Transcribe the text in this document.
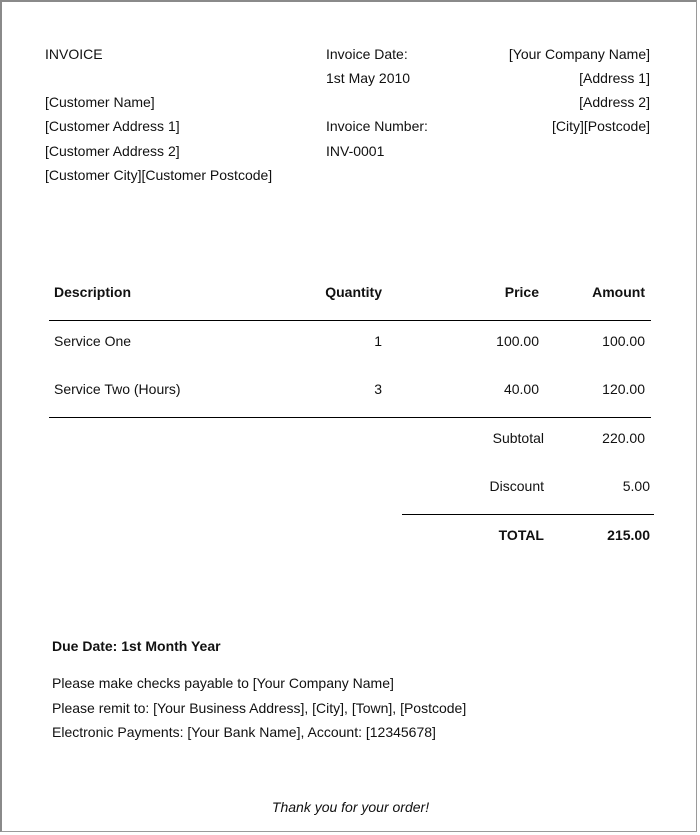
INVOICE
[Customer Name]
[Customer Address 1]
[Customer Address 2]
[Customer City][Customer Postcode]
Invoice Date:
1st May 2010
Invoice Number:
INV-0001
[Your Company Name]
[Address 1]
[Address 2]
[City][Postcode]
Description	Quantity	Price	Amount
Service One	1	100.00	100.00
Service Two (Hours)	3	40.00	120.00
Subtotal	220.00
Discount	5.00
TOTAL	215.00
Due Date: 1st Month Year
Please make checks payable to [Your Company Name]
Please remit to: [Your Business Address], [City], [Town], [Postcode]
Electronic Payments: [Your Bank Name], Account: [12345678]
Thank you for your order!
